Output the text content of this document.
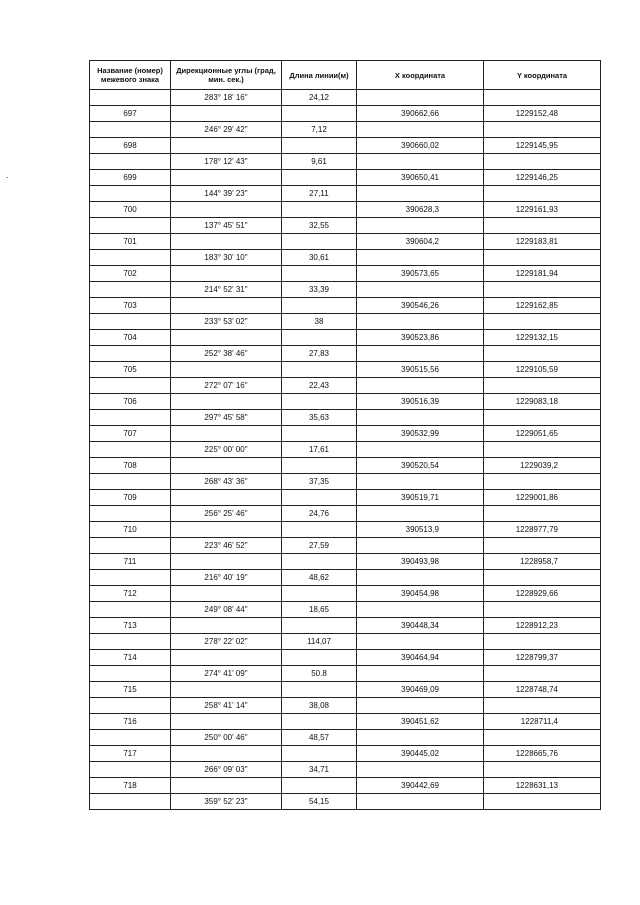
Название (номер) межевого знака	Дирекционные углы (град, мин. сек.)	Длина линии(м)	X координата	Y координата
	283° 18' 16"	24,12		
697			390662,66	1229152,48
	246° 29' 42"	7,12		
698			390660,02	1229145,95
	178° 12' 43"	9,61		
699			390650,41	1229146,25
	144° 39' 23"	27,11		
700			390628,3	1229161,93
	137° 45' 51"	32,55		
701			390604,2	1229183,81
	183° 30' 10"	30,61		
702			390573,65	1229181,94
	214° 52' 31"	33,39		
703			390546,26	1229162,85
	233° 53' 02"	38		
704			390523,86	1229132,15
	252° 38' 46"	27,83		
705			390515,56	1229105,59
	272° 07' 16"	22,43		
706			390516,39	1229083,18
	297° 45' 58"	35,63		
707			390532,99	1229051,65
	225° 00' 00"	17,61		
708			390520,54	1229039,2
	268° 43' 36"	37,35		
709			390519,71	1229001,86
	256° 25' 46"	24,76		
710			390513,9	1228977,79
	223° 46' 52"	27,59		
711			390493,98	1228958,7
	216° 40' 19"	48,62		
712			390454,98	1228929,66
	249° 08' 44"	18,65		
713			390448,34	1228912,23
	278° 22' 02"	114,07		
714			390464,94	1228799,37
	274° 41' 09"	50.8		
715			390469,09	1228748,74
	258° 41' 14"	38,08		
716			390451,62	1228711,4
	250° 00' 46"	48,57		
717			390445,02	1228665,76
	266° 09' 03"	34,71		
718			390442,69	1228631,13
	359° 52' 23"	54,15		
